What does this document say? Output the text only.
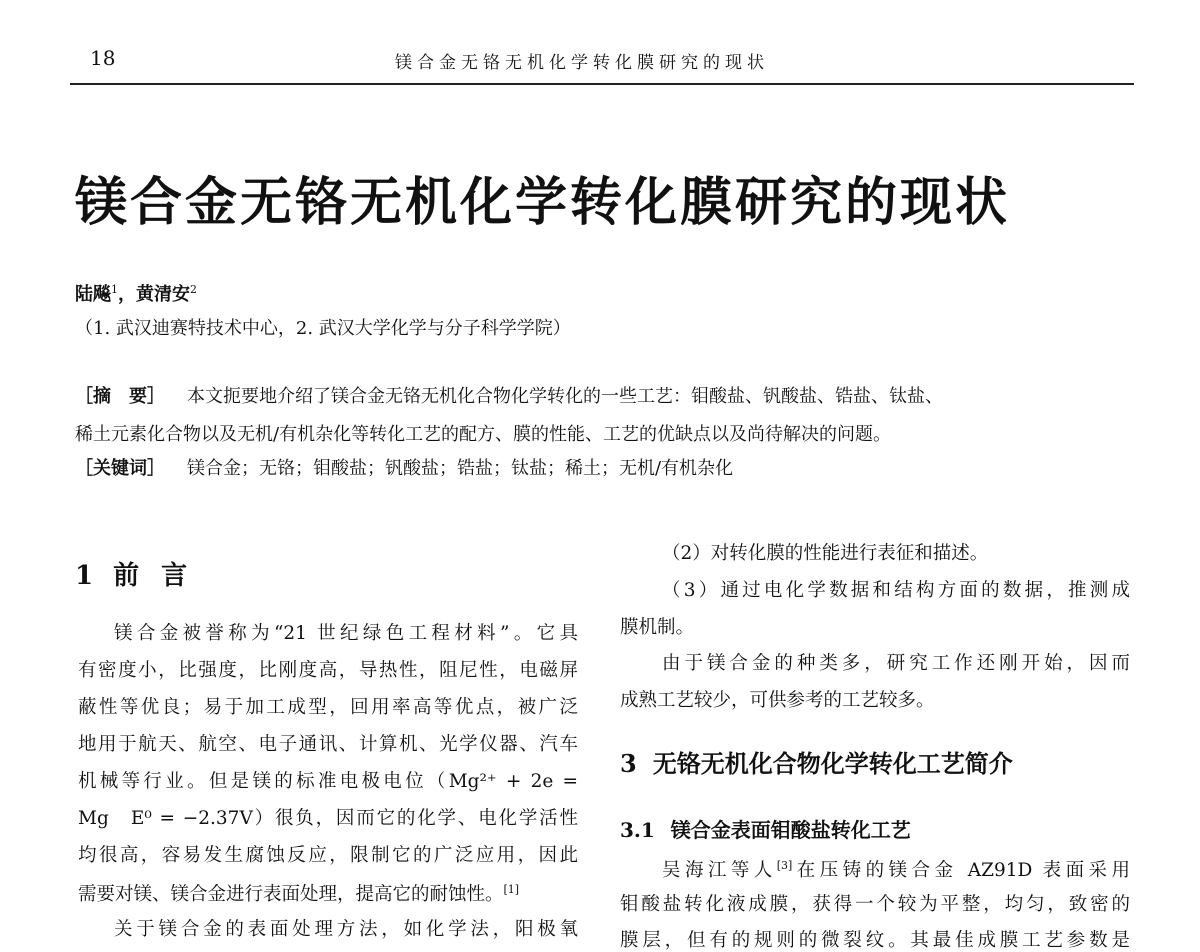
18	镁合金无铬无机化学转化膜研究的现状
镁合金无铬无机化学转化膜研究的现状
陆飚$^1$，黄清安$^2$
（1. 武汉迪赛特技术中心，2. 武汉大学化学与分子科学学院）
［摘　要］ 本文扼要地介绍了镁合金无铬无机化合物化学转化的一些工艺：钼酸盐、钒酸盐、锆盐、钛盐、
稀土元素化合物以及无机/有机杂化等转化工艺的配方、膜的性能、工艺的优缺点以及尚待解决的问题。
［关键词］ 镁合金；无铬；钼酸盐；钒酸盐；锆盐；钛盐；稀土；无机/有机杂化
1 前言
镁合金被誉称为“21 世纪绿色工程材料”。它具
有密度小，比强度，比刚度高，导热性，阻尼性，电磁屏
蔽性等优良；易于加工成型，回用率高等优点，被广泛
地用于航天、航空、电子通讯、计算机、光学仪器、汽车
机械等行业。但是镁的标准电极电位（Mg²⁺ + 2e =
Mg　E⁰ = −2.37V）很负，因而它的化学、电化学活性
均很高，容易发生腐蚀反应，限制它的广泛应用，因此
需要对镁、镁合金进行表面处理，提高它的耐蚀性。[1]
关于镁合金的表面处理方法，如化学法，阳极氧
（2）对转化膜的性能进行表征和描述。
（3）通过电化学数据和结构方面的数据，推测成
膜机制。
由于镁合金的种类多，研究工作还刚开始，因而
成熟工艺较少，可供参考的工艺较多。
3 无铬无机化合物化学转化工艺简介
3.1 镁合金表面钼酸盐转化工艺
吴海江等人[3]在压铸的镁合金 AZ91D 表面采用
钼酸盐转化液成膜，获得一个较为平整，均匀，致密的
膜层，但有的规则的微裂纹。其最佳成膜工艺参数是
